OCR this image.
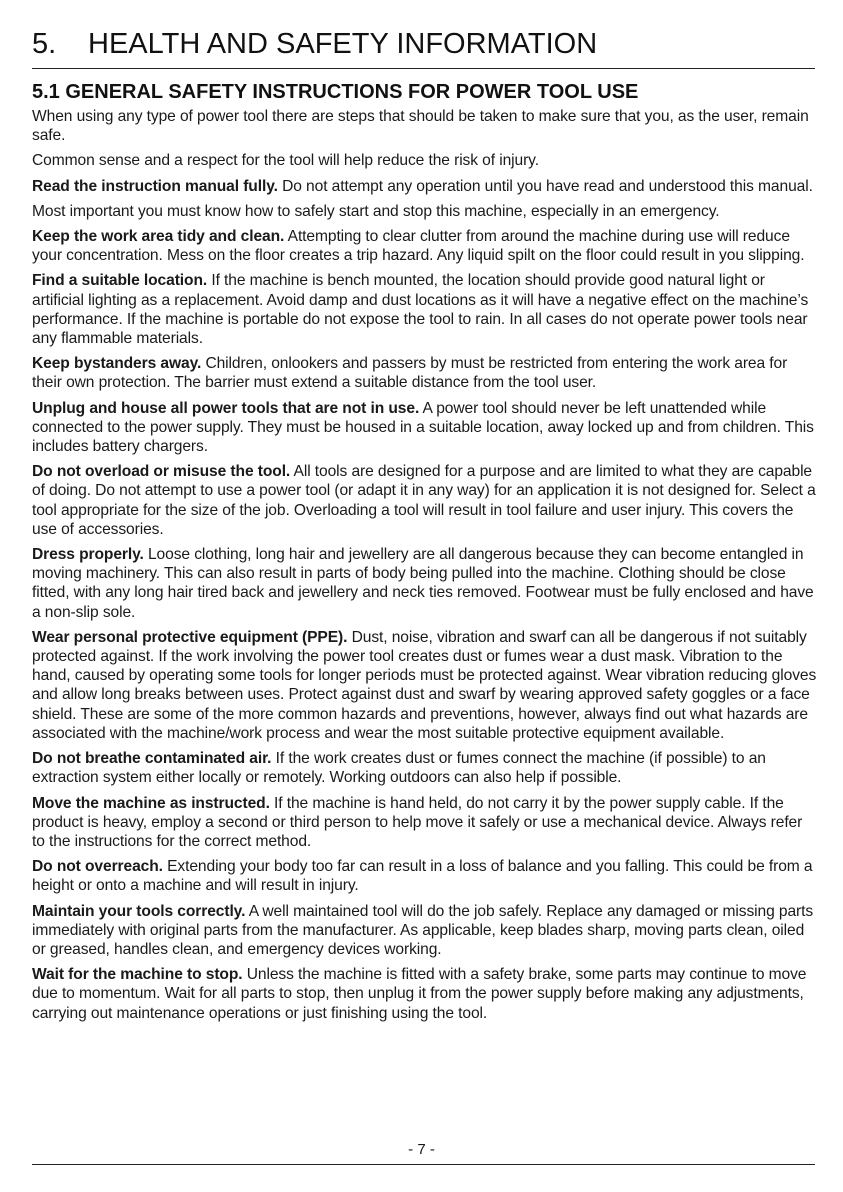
5. HEALTH AND SAFETY INFORMATION
5.1 GENERAL SAFETY INSTRUCTIONS FOR POWER TOOL USE

When using any type of power tool there are steps that should be taken to make sure that you, as the user, remain safe.

Common sense and a respect for the tool will help reduce the risk of injury.

Read the instruction manual fully. Do not attempt any operation until you have read and understood this manual.

Most important you must know how to safely start and stop this machine, especially in an emergency.

Keep the work area tidy and clean. Attempting to clear clutter from around the machine during use will reduce your concentration. Mess on the floor creates a trip hazard. Any liquid spilt on the floor could result in you slipping.

Find a suitable location. If the machine is bench mounted, the location should provide good natural light or artificial lighting as a replacement. Avoid damp and dust locations as it will have a negative effect on the machine’s performance. If the machine is portable do not expose the tool to rain. In all cases do not operate power tools near any flammable materials.

Keep bystanders away. Children, onlookers and passers by must be restricted from entering the work area for their own protection. The barrier must extend a suitable distance from the tool user.

Unplug and house all power tools that are not in use. A power tool should never be left unattended while connected to the power supply. They must be housed in a suitable location, away locked up and from children. This includes battery chargers.

Do not overload or misuse the tool. All tools are designed for a purpose and are limited to what they are capable of doing. Do not attempt to use a power tool (or adapt it in any way) for an application it is not designed for. Select a tool appropriate for the size of the job. Overloading a tool will result in tool failure and user injury. This covers the use of accessories.

Dress properly. Loose clothing, long hair and jewellery are all dangerous because they can become entangled in moving machinery. This can also result in parts of body being pulled into the machine. Clothing should be close fitted, with any long hair tired back and jewellery and neck ties removed. Footwear must be fully enclosed and have a non-slip sole.

Wear personal protective equipment (PPE). Dust, noise, vibration and swarf can all be dangerous if not suitably protected against. If the work involving the power tool creates dust or fumes wear a dust mask. Vibration to the hand, caused by operating some tools for longer periods must be protected against. Wear vibration reducing gloves and allow long breaks between uses. Protect against dust and swarf by wearing approved safety goggles or a face shield. These are some of the more common hazards and preventions, however, always find out what hazards are associated with the machine/work process and wear the most suitable protective equipment available.

Do not breathe contaminated air. If the work creates dust or fumes connect the machine (if possible) to an extraction system either locally or remotely. Working outdoors can also help if possible.

Move the machine as instructed. If the machine is hand held, do not carry it by the power supply cable. If the product is heavy, employ a second or third person to help move it safely or use a mechanical device. Always refer to the instructions for the correct method.

Do not overreach. Extending your body too far can result in a loss of balance and you falling. This could be from a height or onto a machine and will result in injury.

Maintain your tools correctly. A well maintained tool will do the job safely. Replace any damaged or missing parts immediately with original parts from the manufacturer. As applicable, keep blades sharp, moving parts clean, oiled or greased, handles clean, and emergency devices working.

Wait for the machine to stop. Unless the machine is fitted with a safety brake, some parts may continue to move due to momentum. Wait for all parts to stop, then unplug it from the power supply before making any adjustments, carrying out maintenance operations or just finishing using the tool.

- 7 -
